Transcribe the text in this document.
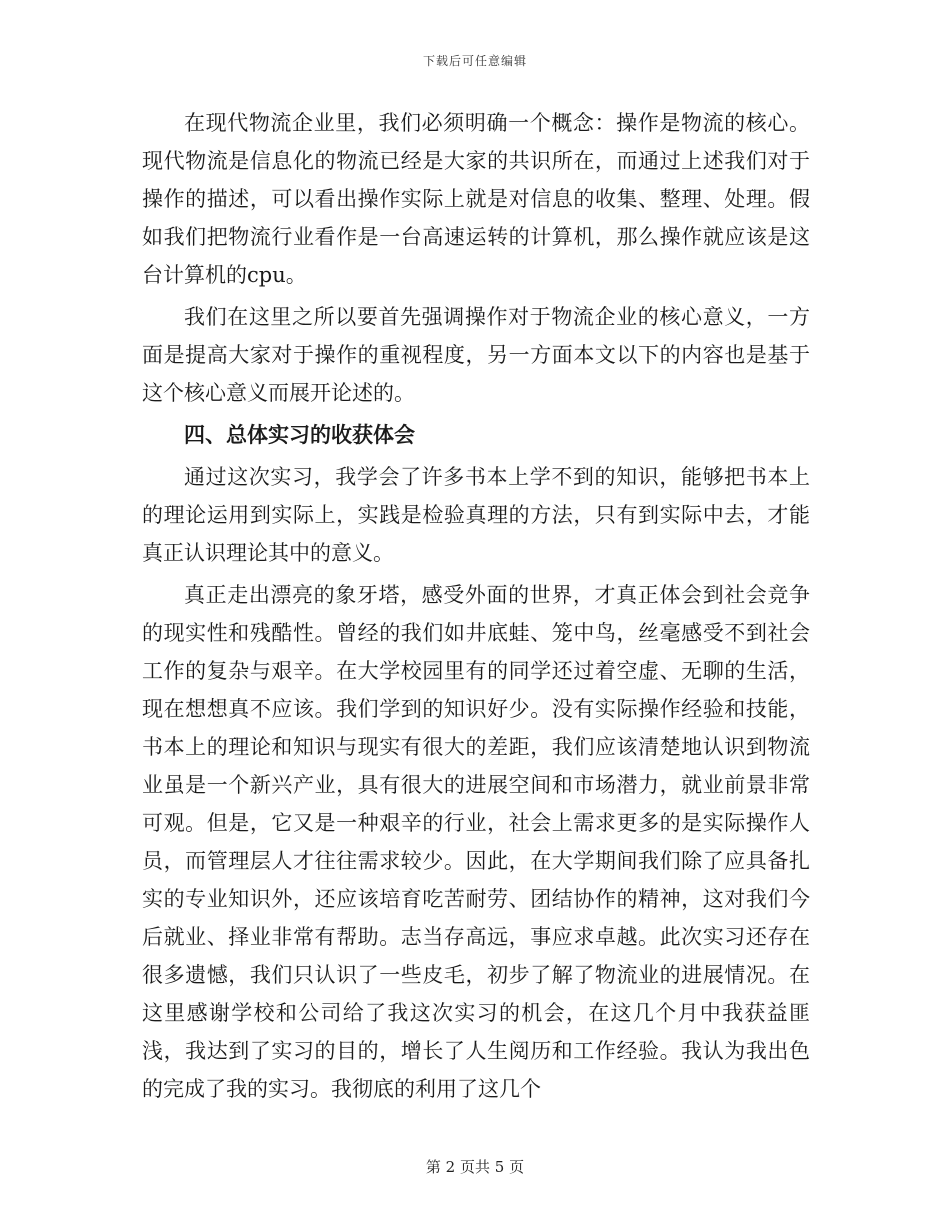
下载后可任意编辑

在现代物流企业里，我们必须明确一个概念：操作是物流的核心。现代物流是信息化的物流已经是大家的共识所在，而通过上述我们对于操作的描述，可以看出操作实际上就是对信息的收集、整理、处理。假如我们把物流行业看作是一台高速运转的计算机，那么操作就应该是这台计算机的cpu。

我们在这里之所以要首先强调操作对于物流企业的核心意义，一方面是提高大家对于操作的重视程度，另一方面本文以下的内容也是基于这个核心意义而展开论述的。

四、总体实习的收获体会

通过这次实习，我学会了许多书本上学不到的知识，能够把书本上的理论运用到实际上，实践是检验真理的方法，只有到实际中去，才能真正认识理论其中的意义。

真正走出漂亮的象牙塔，感受外面的世界，才真正体会到社会竞争的现实性和残酷性。曾经的我们如井底蛙、笼中鸟，丝毫感受不到社会工作的复杂与艰辛。在大学校园里有的同学还过着空虚、无聊的生活，现在想想真不应该。我们学到的知识好少。没有实际操作经验和技能，书本上的理论和知识与现实有很大的差距，我们应该清楚地认识到物流业虽是一个新兴产业，具有很大的进展空间和市场潜力，就业前景非常可观。但是，它又是一种艰辛的行业，社会上需求更多的是实际操作人员，而管理层人才往往需求较少。因此，在大学期间我们除了应具备扎实的专业知识外，还应该培育吃苦耐劳、团结协作的精神，这对我们今后就业、择业非常有帮助。志当存高远，事应求卓越。此次实习还存在很多遗憾，我们只认识了一些皮毛，初步了解了物流业的进展情况。在这里感谢学校和公司给了我这次实习的机会，在这几个月中我获益匪浅，我达到了实习的目的，增长了人生阅历和工作经验。我认为我出色的完成了我的实习。我彻底的利用了这几个

第 2 页共 5 页
